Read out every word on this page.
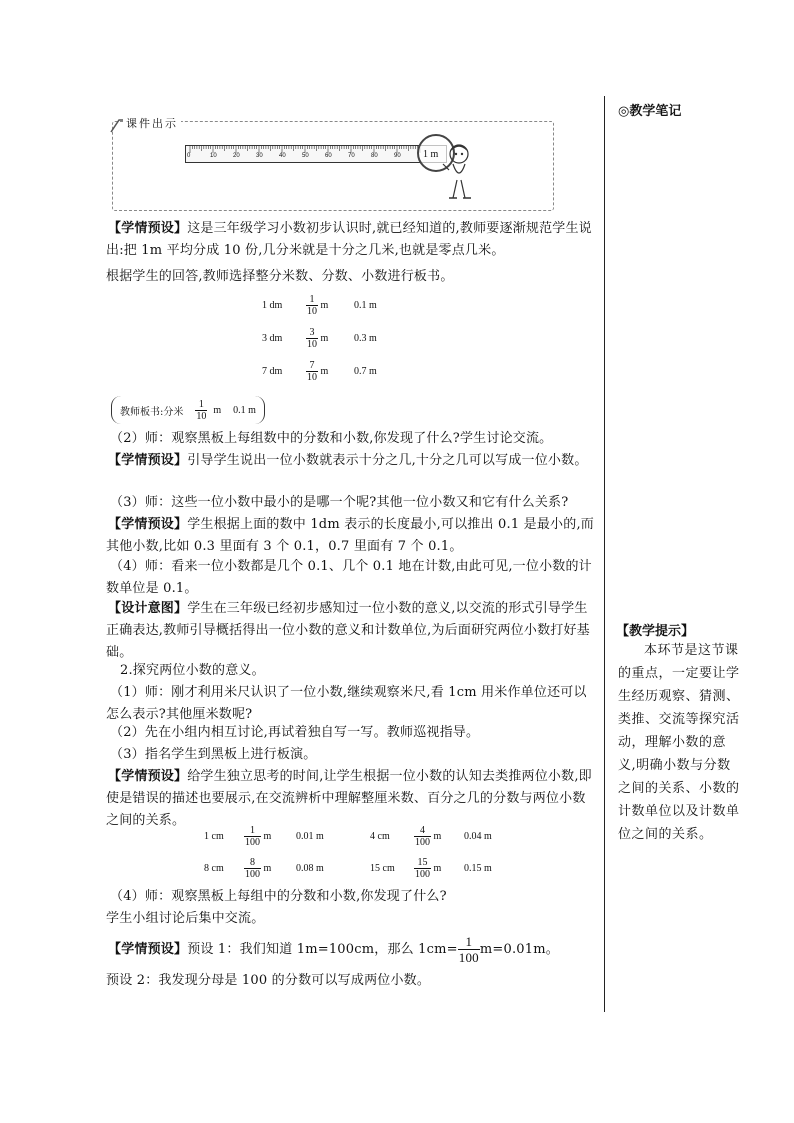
课件出示
0	10	20	30	40	50	60	70	80	90 1 m
【学情预设】这是三年级学习小数初步认识时,就已经知道的,教师要逐渐规范学生说出:把 1m 平均分成 10 份,几分米就是十分之几米,也就是零点几米。
根据学生的回答,教师选择整分米数、分数、小数进行板书。
1 dm $\frac{1}{10}$ m	0.1 m
3 dm $\frac{3}{10}$ m	0.3 m
7 dm $\frac{7}{10}$ m	0.7 m
教师板书:分米 $\frac{1}{10}$ m 0.1 m
（2）师：观察黑板上每组数中的分数和小数,你发现了什么?学生讨论交流。
【学情预设】引导学生说出一位小数就表示十分之几,十分之几可以写成一位小数。
（3）师：这些一位小数中最小的是哪一个呢?其他一位小数又和它有什么关系?
【学情预设】学生根据上面的数中 1dm 表示的长度最小,可以推出 0.1 是最小的,而其他小数,比如 0.3 里面有 3 个 0.1，0.7 里面有 7 个 0.1。
（4）师：看来一位小数都是几个 0.1、几个 0.1 地在计数,由此可见,一位小数的计数单位是 0.1。
【设计意图】学生在三年级已经初步感知过一位小数的意义,以交流的形式引导学生正确表达,教师引导概括得出一位小数的意义和计数单位,为后面研究两位小数打好基础。
2.探究两位小数的意义。
（1）师：刚才利用米尺认识了一位小数,继续观察米尺,看 1cm 用米作单位还可以怎么表示?其他厘米数呢?
（2）先在小组内相互讨论,再试着独自写一写。教师巡视指导。
（3）指名学生到黑板上进行板演。
【学情预设】给学生独立思考的时间,让学生根据一位小数的认知去类推两位小数,即使是错误的描述也要展示,在交流辨析中理解整厘米数、百分之几的分数与两位小数之间的关系。
1 cm $\frac{1}{100}$ m 0.01 m	4 cm $\frac{4}{100}$ m 0.04 m
8 cm $\frac{8}{100}$ m 0.08 m	15 cm $\frac{15}{100}$ m 0.15 m
（4）师：观察黑板上每组中的分数和小数,你发现了什么?
学生小组讨论后集中交流。
【学情预设】预设 1：我们知道 1m=100cm，那么 $1cm= \frac{1}{100} m=0.01m$。
预设 2：我发现分母是 100 的分数可以写成两位小数。
◎教学笔记
【教学提示】
本环节是这节课的重点，一定要让学生经历观察、猜测、类推、交流等探究活动，理解小数的意义,明确小数与分数之间的关系、小数的计数单位以及计数单位之间的关系。
